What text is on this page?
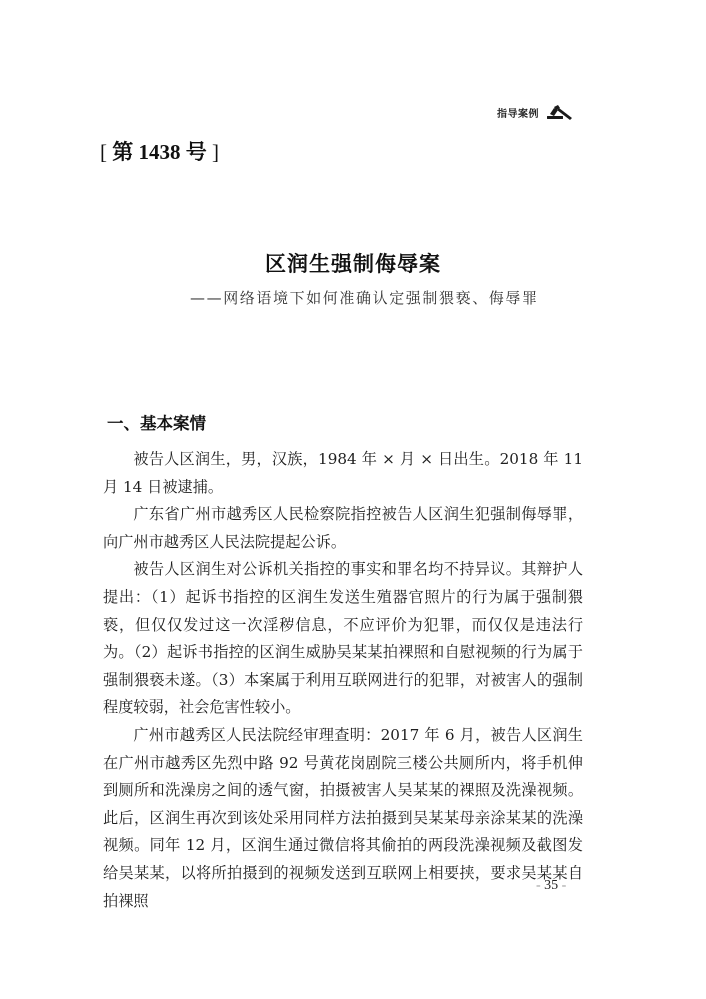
指导案例
[ 第 1438 号 ]
区润生强制侮辱案
——网络语境下如何准确认定强制猥亵、侮辱罪
一、基本案情

被告人区润生，男，汉族，1984 年 × 月 × 日出生。2018 年 11 月 14 日被逮捕。

广东省广州市越秀区人民检察院指控被告人区润生犯强制侮辱罪，向广州市越秀区人民法院提起公诉。

被告人区润生对公诉机关指控的事实和罪名均不持异议。其辩护人提出：（1）起诉书指控的区润生发送生殖器官照片的行为属于强制猥亵，但仅仅发过这一次淫秽信息，不应评价为犯罪，而仅仅是违法行为。（2）起诉书指控的区润生威胁吴某某拍裸照和自慰视频的行为属于强制猥亵未遂。（3）本案属于利用互联网进行的犯罪，对被害人的强制程度较弱，社会危害性较小。

广州市越秀区人民法院经审理查明：2017 年 6 月，被告人区润生在广州市越秀区先烈中路 92 号黄花岗剧院三楼公共厕所内，将手机伸到厕所和洗澡房之间的透气窗，拍摄被害人吴某某的裸照及洗澡视频。此后，区润生再次到该处采用同样方法拍摄到吴某某母亲涂某某的洗澡视频。同年 12 月，区润生通过微信将其偷拍的两段洗澡视频及截图发给吴某某，以将所拍摄到的视频发送到互联网上相要挟，要求吴某某自拍裸照

- 35 -
